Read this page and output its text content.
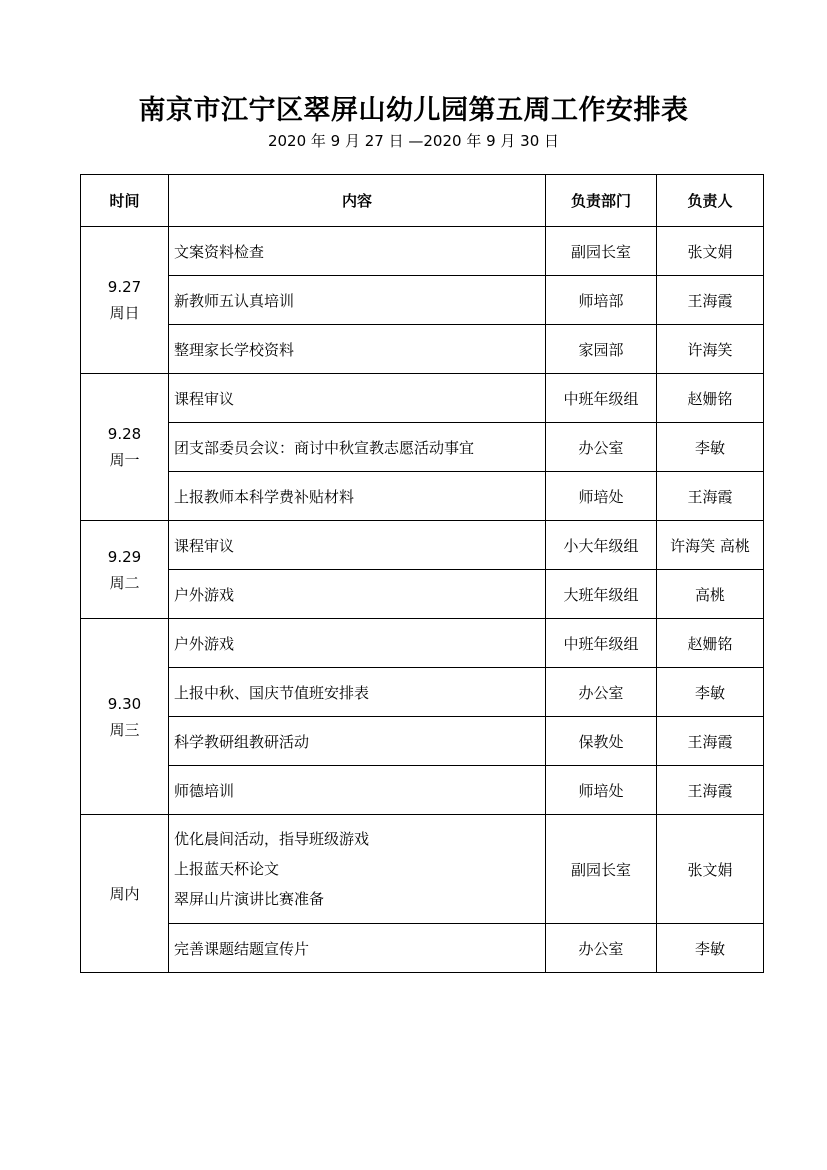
南京市江宁区翠屏山幼儿园第五周工作安排表
2020 年 9 月 27 日 —2020 年 9 月 30 日
时间	内容	负责部门	负责人

9.27
周日	文案资料检查	副园长室	张文娟
	新教师五认真培训	师培部	王海霞
	整理家长学校资料	家园部	许海笑

9.28
周一	课程审议	中班年级组	赵姗铭
	团支部委员会议：商讨中秋宣教志愿活动事宜	办公室	李敏
	上报教师本科学费补贴材料	师培处	王海霞

9.29
周二	课程审议	小大年级组	许海笑 高桃
	户外游戏	大班年级组	高桃

9.30
周三	户外游戏	中班年级组	赵姗铭
	上报中秋、国庆节值班安排表	办公室	李敏
	科学教研组教研活动	保教处	王海霞
	师德培训	师培处	王海霞

周内	优化晨间活动，指导班级游戏
上报蓝天杯论文
翠屏山片演讲比赛准备	副园长室	张文娟
	完善课题结题宣传片	办公室	李敏
